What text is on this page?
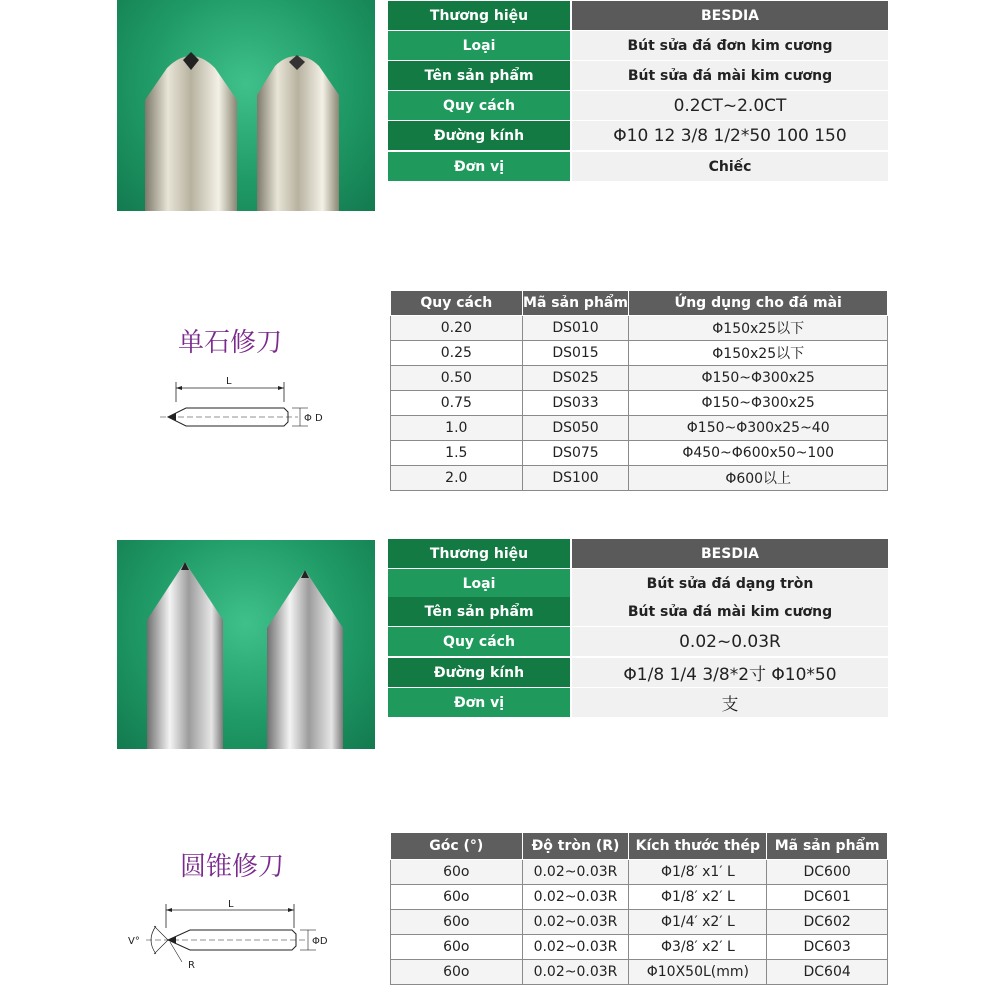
Thương hiệu	BESDIA
Loại	Bút sửa đá đơn kim cương
Tên sản phẩm	Bút sửa đá mài kim cương
Quy cách	0.2CT~2.0CT
Đường kính	Φ10 12 3/8 1/2*50 100 150
Đơn vị	Chiếc
单石修刀
L
Φ D
Quy cách	Mã sản phẩm	Ứng dụng cho đá mài
0.20	DS010	Φ150x25以下
0.25	DS015	Φ150x25以下
0.50	DS025	Φ150~Φ300x25
0.75	DS033	Φ150~Φ300x25
1.0	DS050	Φ150~Φ300x25~40
1.5	DS075	Φ450~Φ600x50~100
2.0	DS100	Φ600以上
Thương hiệu	BESDIA
Loại	Bút sửa đá dạng tròn
Tên sản phẩm	Bút sửa đá mài kim cương
Quy cách	0.02~0.03R
Đường kính	Φ1/8 1/4 3/8*2寸 Φ10*50
Đơn vị	支
圆锥修刀
L
V°
R
ΦD
Góc (°)	Độ tròn (R)	Kích thước thép	Mã sản phẩm
60o	0.02~0.03R	Φ1/8′ x1′ L	DC600
60o	0.02~0.03R	Φ1/8′ x2′ L	DC601
60o	0.02~0.03R	Φ1/4′ x2′ L	DC602
60o	0.02~0.03R	Φ3/8′ x2′ L	DC603
60o	0.02~0.03R	Φ10X50L(mm)	DC604
